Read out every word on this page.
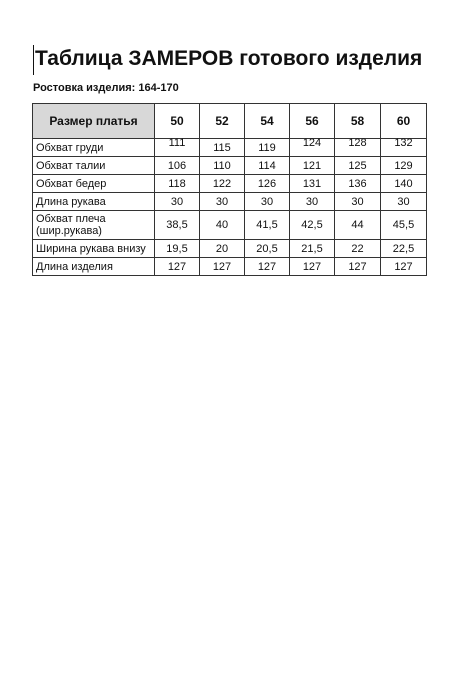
Таблица ЗАМЕРОВ готового изделия
Ростовка изделия: 164-170
Размер платья	50	52	54	56	58	60
Обхват груди	111	115	119	124	128	132

Обхват талии	106	110	114	121	125	129
Обхват бедер	118	122	126	131	136	140
Длина рукава	30	30	30	30	30	30
Обхват плеча (шир.рукава)	38,5	40	41,5	42,5	44	45,5
Ширина рукава внизу	19,5	20	20,5	21,5	22	22,5
Длина изделия	127	127	127	127	127	127
